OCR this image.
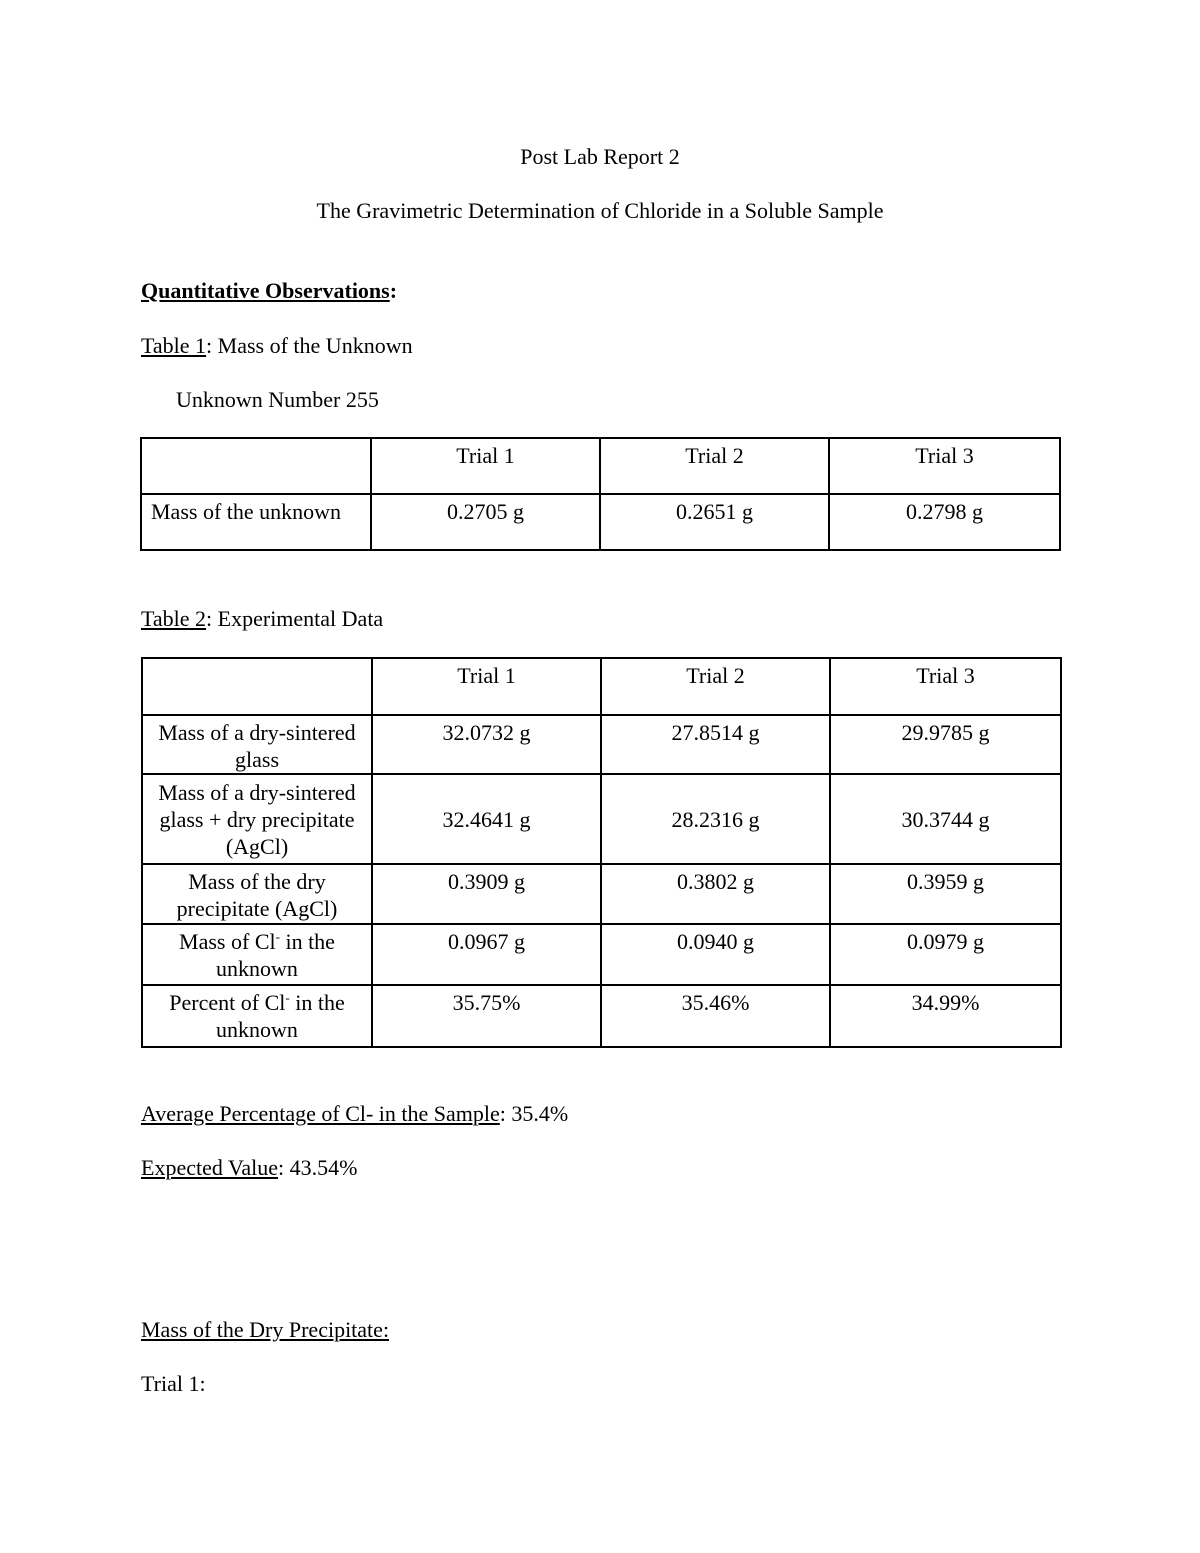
Post Lab Report 2
The Gravimetric Determination of Chloride in a Soluble Sample
Quantitative Observations:
Table 1: Mass of the Unknown
Unknown Number 255
	Trial 1	Trial 2	Trial 3
Mass of the unknown	0.2705 g	0.2651 g	0.2798 g
Table 2: Experimental Data
	Trial 1	Trial 2	Trial 3
Mass of a dry-sintered glass	32.0732 g	27.8514 g	29.9785 g
Mass of a dry-sintered glass + dry precipitate (AgCl)	32.4641 g	28.2316 g	30.3744 g
Mass of the dry precipitate (AgCl)	0.3909 g	0.3802 g	0.3959 g
Mass of Cl- in the unknown	0.0967 g	0.0940 g	0.0979 g
Percent of Cl- in the unknown	35.75%	35.46%	34.99%
Average Percentage of Cl- in the Sample: 35.4%
Expected Value: 43.54%
Mass of the Dry Precipitate:
Trial 1:
